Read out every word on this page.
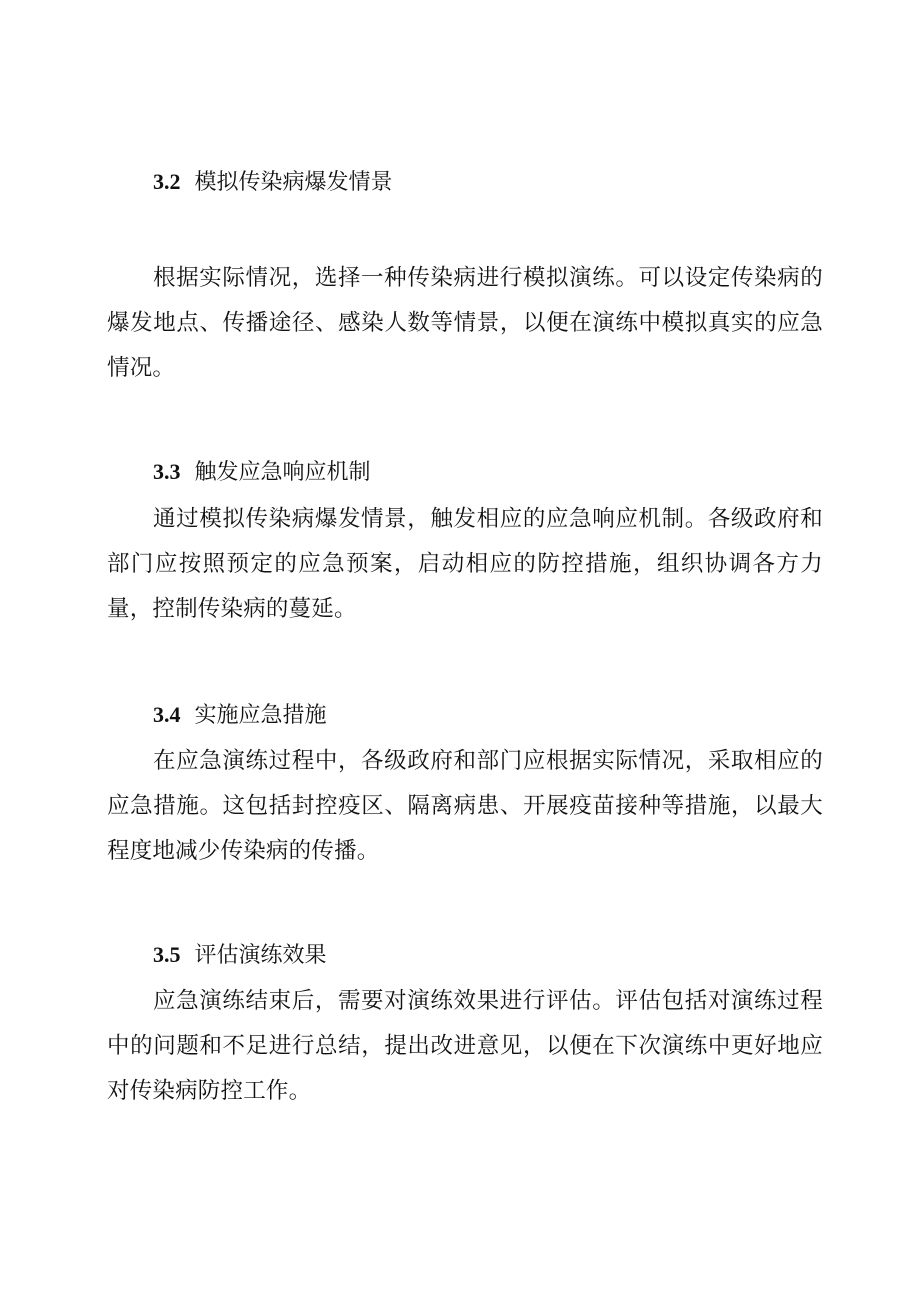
3.2 模拟传染病爆发情景

根据实际情况，选择一种传染病进行模拟演练。可以设定传染病的爆发地点、传播途径、感染人数等情景，以便在演练中模拟真实的应急情况。

3.3 触发应急响应机制

通过模拟传染病爆发情景，触发相应的应急响应机制。各级政府和部门应按照预定的应急预案，启动相应的防控措施，组织协调各方力量，控制传染病的蔓延。

3.4 实施应急措施

在应急演练过程中，各级政府和部门应根据实际情况，采取相应的应急措施。这包括封控疫区、隔离病患、开展疫苗接种等措施，以最大程度地减少传染病的传播。

3.5 评估演练效果

应急演练结束后，需要对演练效果进行评估。评估包括对演练过程中的问题和不足进行总结，提出改进意见，以便在下次演练中更好地应对传染病防控工作。
